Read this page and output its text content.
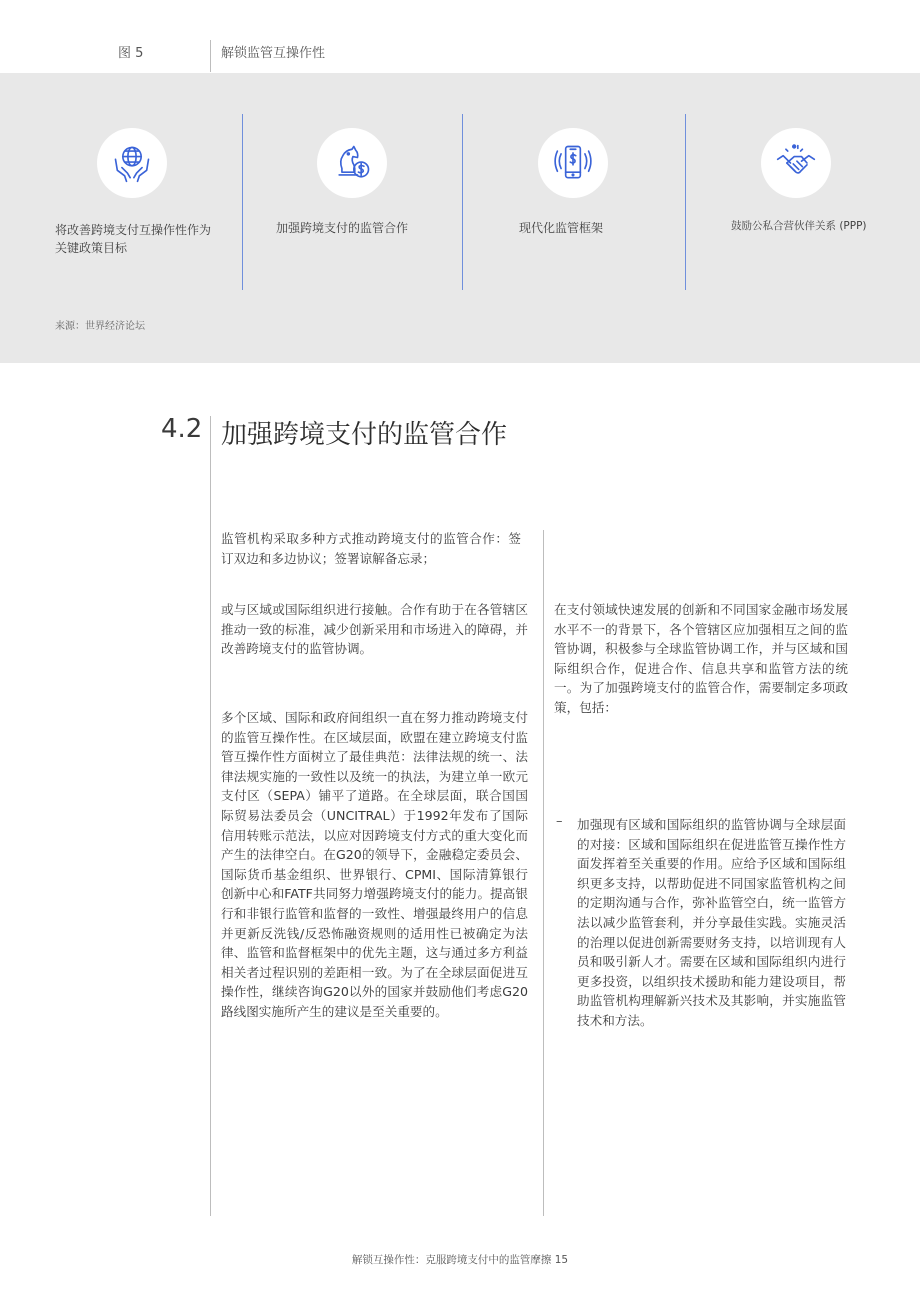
图 5	解锁监管互操作性
将改善跨境支付互操作性作为关键政策目标
加强跨境支付的监管合作	现代化监管框架	鼓励公私合营伙伴关系 (PPP)
来源：世界经济论坛
4.2 加强跨境支付的监管合作
监管机构采取多种方式推动跨境支付的监管合作：签订双边和多边协议；签署谅解备忘录；
或与区域或国际组织进行接触。合作有助于在各管辖区推动一致的标准，减少创新采用和市场进入的障碍，并改善跨境支付的监管协调。
多个区域、国际和政府间组织一直在努力推动跨境支付的监管互操作性。在区域层面，欧盟在建立跨境支付监管互操作性方面树立了最佳典范：法律法规的统一、法律法规实施的一致性以及统一的执法，为建立单一欧元支付区（SEPA）铺平了道路。在全球层面，联合国国际贸易法委员会（UNCITRAL）于1992年发布了国际信用转账示范法，以应对因跨境支付方式的重大变化而产生的法律空白。在G20的领导下，金融稳定委员会、国际货币基金组织、世界银行、CPMI、国际清算银行创新中心和FATF共同努力增强跨境支付的能力。提高银行和非银行监管和监督的一致性、增强最终用户的信息并更新反洗钱/反恐怖融资规则的适用性已被确定为法律、监管和监督框架中的优先主题，这与通过多方利益相关者过程识别的差距相一致。为了在全球层面促进互操作性，继续咨询G20以外的国家并鼓励他们考虑G20路线图实施所产生的建议是至关重要的。
在支付领域快速发展的创新和不同国家金融市场发展水平不一的背景下，各个管辖区应加强相互之间的监管协调，积极参与全球监管协调工作，并与区域和国际组织合作，促进合作、信息共享和监管方法的统一。为了加强跨境支付的监管合作，需要制定多项政策，包括：
– 加强现有区域和国际组织的监管协调与全球层面的对接：区域和国际组织在促进监管互操作性方面发挥着至关重要的作用。应给予区域和国际组织更多支持，以帮助促进不同国家监管机构之间的定期沟通与合作，弥补监管空白，统一监管方法以减少监管套利，并分享最佳实践。实施灵活的治理以促进创新需要财务支持，以培训现有人员和吸引新人才。需要在区域和国际组织内进行更多投资，以组织技术援助和能力建设项目，帮助监管机构理解新兴技术及其影响，并实施监管技术和方法。
解锁互操作性：克服跨境支付中的监管摩擦 15
